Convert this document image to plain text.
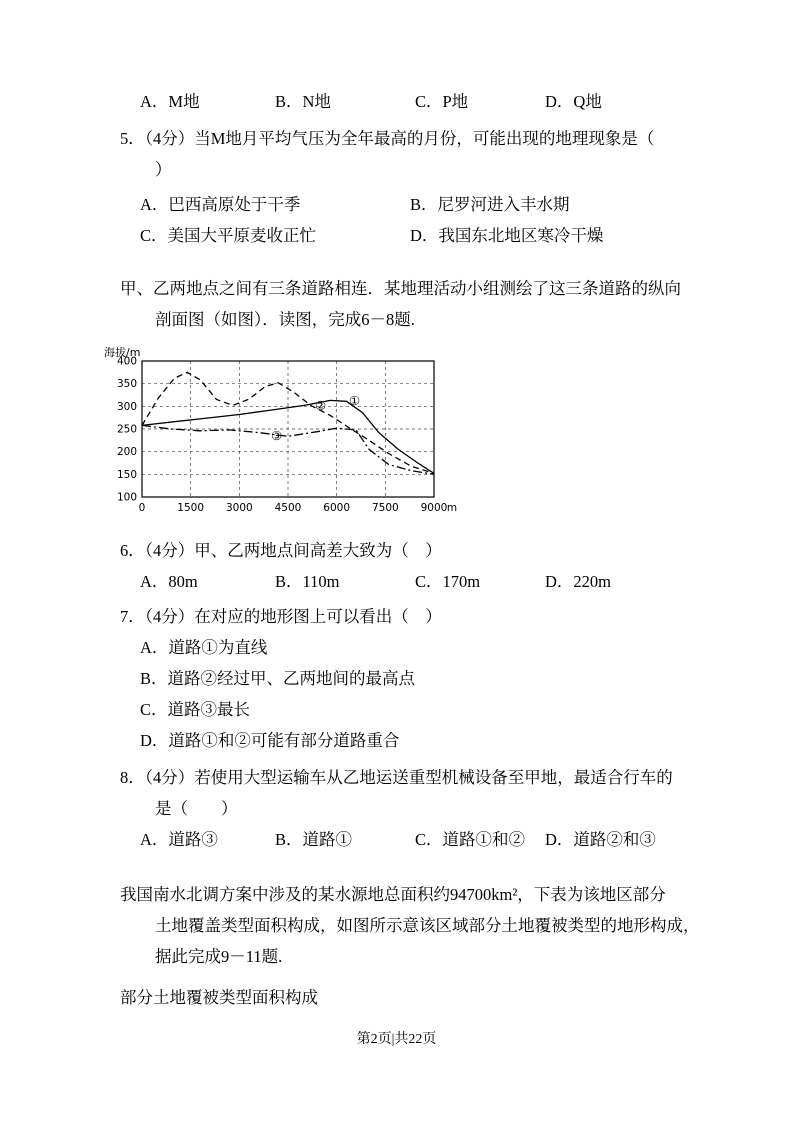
A．M地	B．N地	C．P地	D．Q地
5．（4分）当M地月平均气压为全年最高的月份，可能出现的地理现象是（
）
A．巴西高原处于干季	B．尼罗河进入丰水期
C．美国大平原麦收正忙	D．我国东北地区寒冷干燥
甲、乙两地点之间有三条道路相连．某地理活动小组测绘了这三条道路的纵向
剖面图（如图）．读图，完成6－8题.
100
150
200
250
300
350
400
0	1500 3000 4500 6000 7500 9000 m
海拔/m
①
②
③
6．（4分）甲、乙两地点间高差大致为（　）
A．80m	B．110m	C．170m	D．220m
7．（4分）在对应的地形图上可以看出（　）
A．道路①为直线
B．道路②经过甲、乙两地间的最高点
C．道路③最长
D．道路①和②可能有部分道路重合
8．（4分）若使用大型运输车从乙地运送重型机械设备至甲地，最适合行车的
是（　　）
A．道路③	B．道路①	C．道路①和②	D．道路②和③
我国南水北调方案中涉及的某水源地总面积约94700km²，下表为该地区部分
土地覆盖类型面积构成，如图所示意该区域部分土地覆被类型的地形构成，
据此完成9－11题.
部分土地覆被类型面积构成
第2页|共22页
